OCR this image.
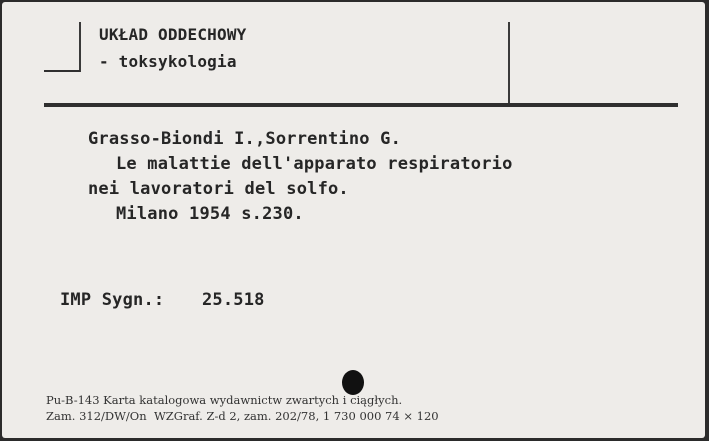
UKŁAD ODDECHOWY

- toksykologia

Grasso-Biondi I.,Sorrentino G.

Le malattie dell'apparato respiratorio

nei lavoratori del solfo.

Milano 1954 s.230.

IMP Sygn.: 25.518

Pu-B-143 Karta katalogowa wydawnictw zwartych i ciągłych.

Zam. 312/DW/On  WZGraf. Z-d 2, zam. 202/78, 1 730 000 74 × 120
